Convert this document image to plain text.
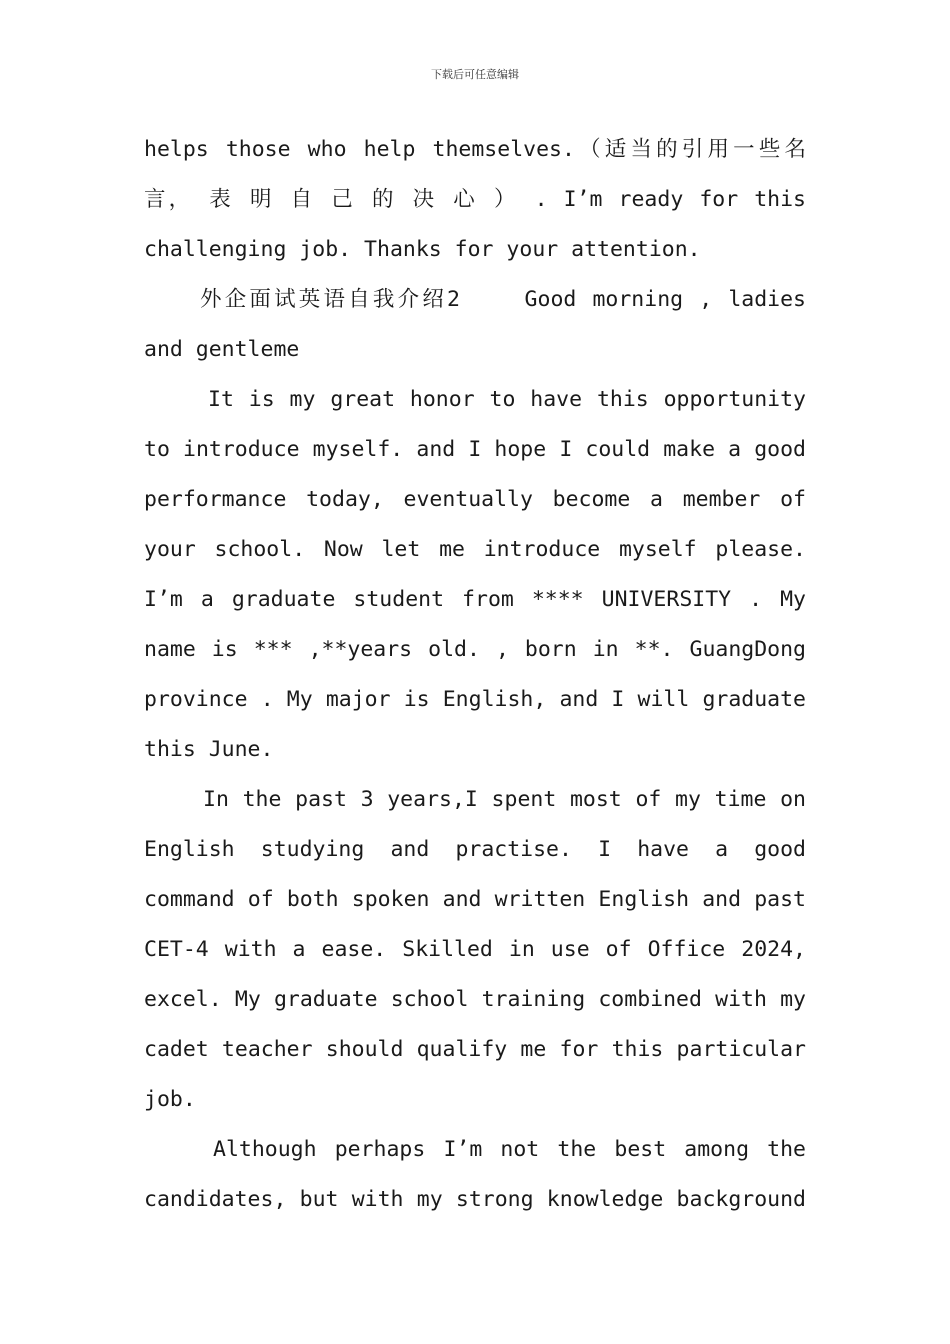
下载后可任意编辑
helps those who help themselves.（适当的引用一些名
言， 表 明 自 己 的 决 心 ） . I’m ready for this
challenging job. Thanks for your attention.
外企面试英语自我介绍2    Good morning , ladies
and gentleme
It is my great honor to have this opportunity
to introduce myself. and I hope I could make a good
performance today, eventually become a member of
your school. Now let me introduce myself please.
I’m a graduate student from **** UNIVERSITY . My
name is *** ,**years old. , born in **. GuangDong
province . My major is English, and I will graduate
this June.
In the past 3 years,I spent most of my time on
English studying and practise. I have a good
command of both spoken and written English and past
CET-4 with a ease. Skilled in use of Office 2024,
excel. My graduate school training combined with my
cadet teacher should qualify me for this particular
job.
Although perhaps I’m not the best among the
candidates, but with my strong knowledge background
